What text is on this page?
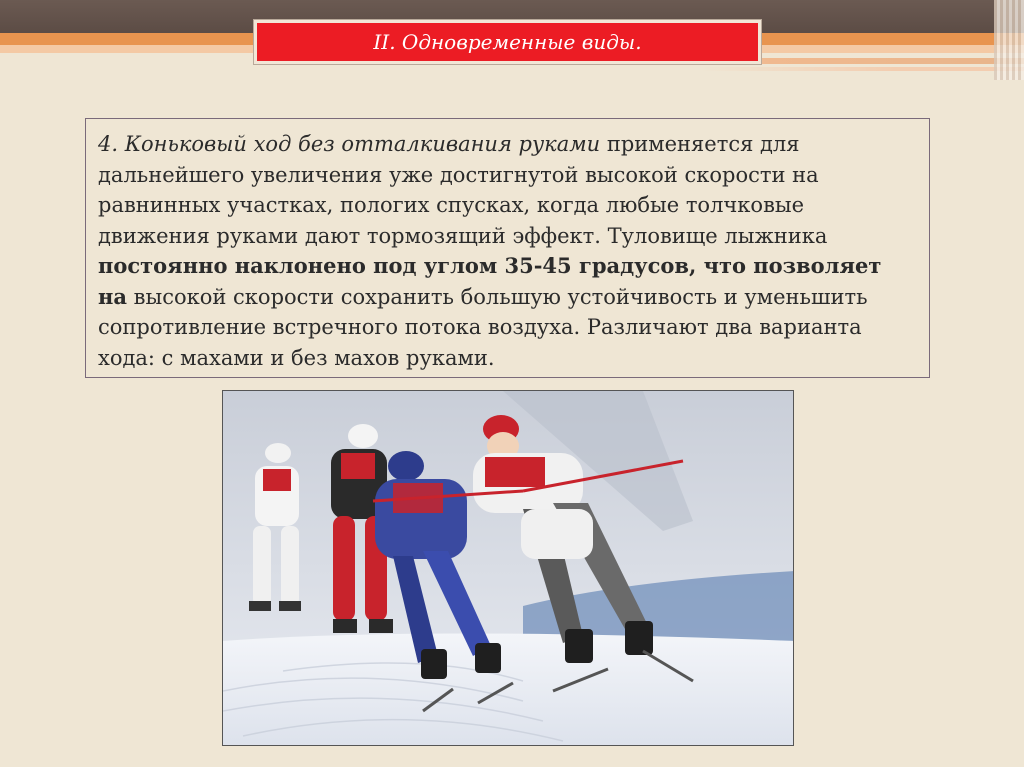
II. Одновременные виды.
4. Коньковый ход без отталкивания руками применяется для дальнейшего увеличения уже достигнутой высокой скорости на равнинных участках, пологих спусках, когда любые толчковые движения руками дают тормозящий эффект. Туловище лыжника постоянно наклонено под углом 35-45 градусов, что позволяет на высокой скорости сохранить большую устойчивость и уменьшить сопротивление встречного потока воздуха. Различают два варианта хода: с махами и без махов руками.
